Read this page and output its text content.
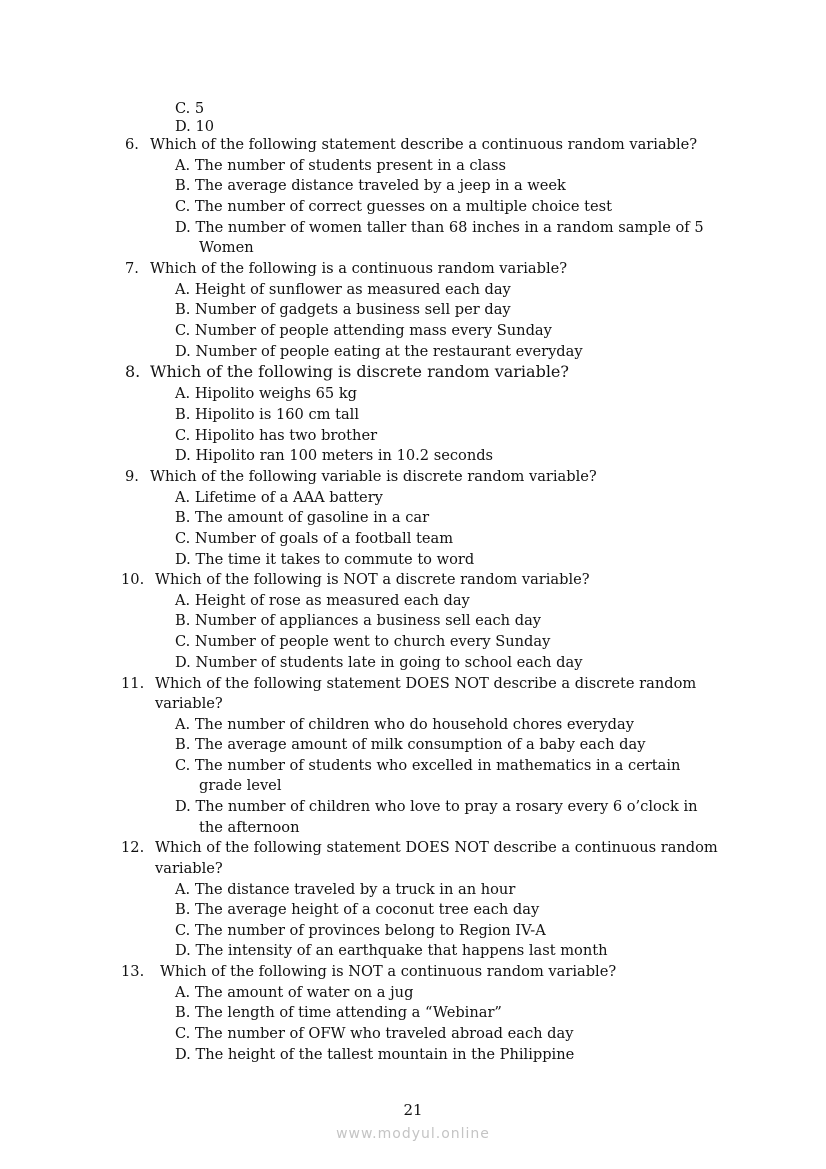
C. 5
D. 10
6. Which of the following statement describe a continuous random variable?
A. The number of students present in a class
B. The average distance traveled by a jeep in a week
C. The number of correct guesses on a multiple choice test
D. The number of women taller than 68 inches in a random sample of 5
Women
7. Which of the following is a continuous random variable?
A. Height of sunflower as measured each day
B. Number of gadgets a business sell per day
C. Number of people attending mass every Sunday
D. Number of people eating at the restaurant everyday
8. Which of the following is discrete random variable?
A. Hipolito weighs 65 kg
B. Hipolito is 160 cm tall
C. Hipolito has two brother
D. Hipolito ran 100 meters in 10.2 seconds
9. Which of the following variable is discrete random variable?
A. Lifetime of a AAA battery
B. The amount of gasoline in a car
C. Number of goals of a football team
D. The time it takes to commute to word
10. Which of the following is NOT a discrete random variable?
A. Height of rose as measured each day
B. Number of appliances a business sell each day
C. Number of people went to church every Sunday
D. Number of students late in going to school each day
11. Which of the following statement DOES NOT describe a discrete random
variable?
A. The number of children who do household chores everyday
B. The average amount of milk consumption of a baby each day
C. The number of students who excelled in mathematics in a certain
grade level
D. The number of children who love to pray a rosary every 6 o’clock in
the afternoon
12. Which of the following statement DOES NOT describe a continuous random
variable?
A. The distance traveled by a truck in an hour
B. The average height of a coconut tree each day
C. The number of provinces belong to Region IV-A
D. The intensity of an earthquake that happens last month
13. Which of the following is NOT a continuous random variable?
A. The amount of water on a jug
C. The number of OFW who traveled abroad each day
B. The length of time attending a “Webinar”
D. The height of the tallest mountain in the Philippine
21
www.modyul.online
